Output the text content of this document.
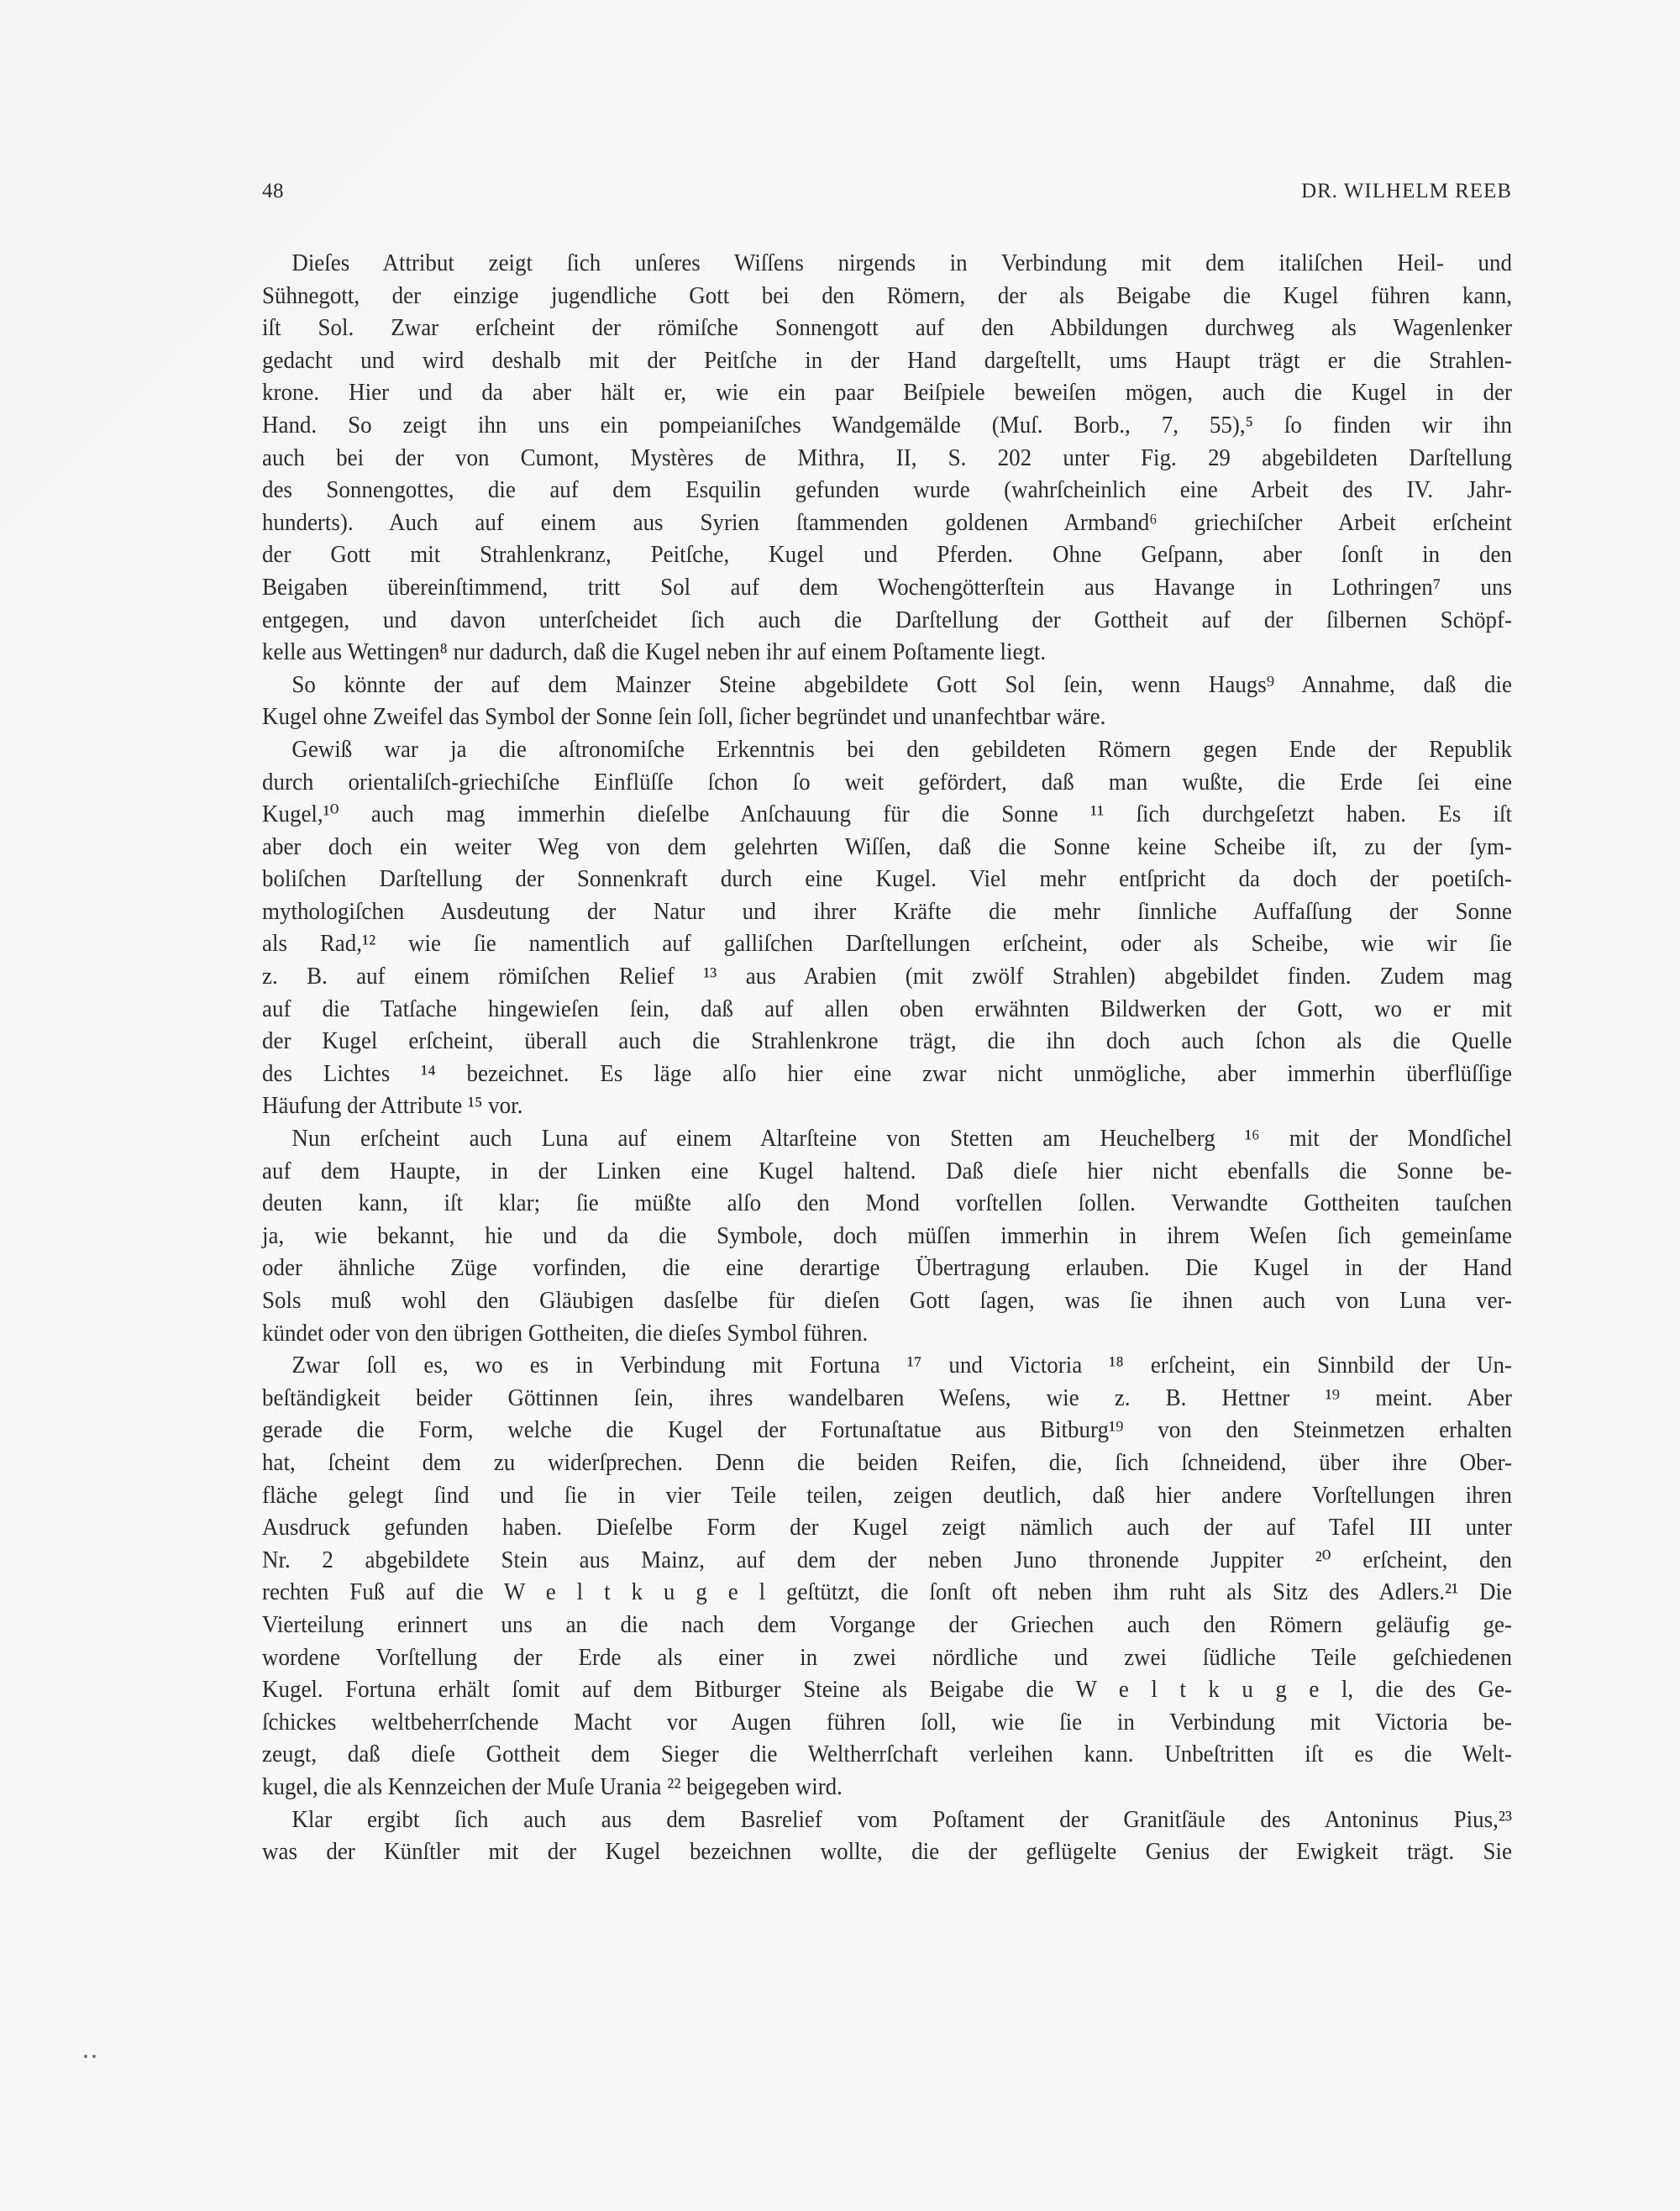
48	DR. WILHELM REEB
Dieſes Attribut zeigt ſich unſeres Wiſſens nirgends in Verbindung mit dem italiſchen Heil- und
Sühnegott, der einzige jugendliche Gott bei den Römern, der als Beigabe die Kugel führen kann,
iſt Sol. Zwar erſcheint der römiſche Sonnengott auf den Abbildungen durchweg als Wagenlenker
gedacht und wird deshalb mit der Peitſche in der Hand dargeſtellt, ums Haupt trägt er die Strahlen-
krone. Hier und da aber hält er, wie ein paar Beiſpiele beweiſen mögen, auch die Kugel in der
Hand. So zeigt ihn uns ein pompeianiſches Wandgemälde (Muſ. Borb., 7, 55),⁵ ſo finden wir ihn
auch bei der von Cumont, Mystères de Mithra, II, S. 202 unter Fig. 29 abgebildeten Darſtellung
des Sonnengottes, die auf dem Esquilin gefunden wurde (wahrſcheinlich eine Arbeit des IV. Jahr-
hunderts). Auch auf einem aus Syrien ſtammenden goldenen Armband⁶ griechiſcher Arbeit erſcheint
der Gott mit Strahlenkranz, Peitſche, Kugel und Pferden. Ohne Geſpann, aber ſonſt in den
Beigaben übereinſtimmend, tritt Sol auf dem Wochengötterſtein aus Havange in Lothringen⁷ uns
entgegen, und davon unterſcheidet ſich auch die Darſtellung der Gottheit auf der ſilbernen Schöpf-
kelle aus Wettingen⁸ nur dadurch, daß die Kugel neben ihr auf einem Poſtamente liegt.
So könnte der auf dem Mainzer Steine abgebildete Gott Sol ſein, wenn Haugs⁹ Annahme, daß die
Kugel ohne Zweifel das Symbol der Sonne ſein ſoll, ſicher begründet und unanfechtbar wäre.
Gewiß war ja die aſtronomiſche Erkenntnis bei den gebildeten Römern gegen Ende der Republik
durch orientaliſch-griechiſche Einflüſſe ſchon ſo weit gefördert, daß man wußte, die Erde ſei eine
Kugel,¹⁰ auch mag immerhin dieſelbe Anſchauung für die Sonne ¹¹ ſich durchgeſetzt haben. Es iſt
aber doch ein weiter Weg von dem gelehrten Wiſſen, daß die Sonne keine Scheibe iſt, zu der ſym-
boliſchen Darſtellung der Sonnenkraft durch eine Kugel. Viel mehr entſpricht da doch der poetiſch-
mythologiſchen Ausdeutung der Natur und ihrer Kräfte die mehr ſinnliche Auffaſſung der Sonne
als Rad,¹² wie ſie namentlich auf galliſchen Darſtellungen erſcheint, oder als Scheibe, wie wir ſie
z. B. auf einem römiſchen Relief ¹³ aus Arabien (mit zwölf Strahlen) abgebildet finden. Zudem mag
auf die Tatſache hingewieſen ſein, daß auf allen oben erwähnten Bildwerken der Gott, wo er mit
der Kugel erſcheint, überall auch die Strahlenkrone trägt, die ihn doch auch ſchon als die Quelle
des Lichtes ¹⁴ bezeichnet. Es läge alſo hier eine zwar nicht unmögliche, aber immerhin überflüſſige
Häufung der Attribute ¹⁵ vor.
Nun erſcheint auch Luna auf einem Altarſteine von Stetten am Heuchelberg ¹⁶ mit der Mondſichel
auf dem Haupte, in der Linken eine Kugel haltend. Daß dieſe hier nicht ebenfalls die Sonne be-
deuten kann, iſt klar; ſie müßte alſo den Mond vorſtellen ſollen. Verwandte Gottheiten tauſchen
ja, wie bekannt, hie und da die Symbole, doch müſſen immerhin in ihrem Weſen ſich gemeinſame
oder ähnliche Züge vorfinden, die eine derartige Übertragung erlauben. Die Kugel in der Hand
Sols muß wohl den Gläubigen dasſelbe für dieſen Gott ſagen, was ſie ihnen auch von Luna ver-
kündet oder von den übrigen Gottheiten, die dieſes Symbol führen.
Zwar ſoll es, wo es in Verbindung mit Fortuna ¹⁷ und Victoria ¹⁸ erſcheint, ein Sinnbild der Un-
beſtändigkeit beider Göttinnen ſein, ihres wandelbaren Weſens, wie z. B. Hettner ¹⁹ meint. Aber
gerade die Form, welche die Kugel der Fortunaſtatue aus Bitburg¹⁹ von den Steinmetzen erhalten
hat, ſcheint dem zu widerſprechen. Denn die beiden Reifen, die, ſich ſchneidend, über ihre Ober-
fläche gelegt ſind und ſie in vier Teile teilen, zeigen deutlich, daß hier andere Vorſtellungen ihren
Ausdruck gefunden haben. Dieſelbe Form der Kugel zeigt nämlich auch der auf Tafel III unter
Nr. 2 abgebildete Stein aus Mainz, auf dem der neben Juno thronende Juppiter ²⁰ erſcheint, den
rechten Fuß auf die W e l t k u g e l geſtützt, die ſonſt oft neben ihm ruht als Sitz des Adlers.²¹ Die
Vierteilung erinnert uns an die nach dem Vorgange der Griechen auch den Römern geläufig ge-
wordene Vorſtellung der Erde als einer in zwei nördliche und zwei ſüdliche Teile geſchiedenen
Kugel. Fortuna erhält ſomit auf dem Bitburger Steine als Beigabe die W e l t k u g e l, die des Ge-
ſchickes weltbeherrſchende Macht vor Augen führen ſoll, wie ſie in Verbindung mit Victoria be-
zeugt, daß dieſe Gottheit dem Sieger die Weltherrſchaft verleihen kann. Unbeſtritten iſt es die Welt-
kugel, die als Kennzeichen der Muſe Urania ²² beigegeben wird.
Klar ergibt ſich auch aus dem Basrelief vom Poſtament der Granitſäule des Antoninus Pius,²³
was der Künſtler mit der Kugel bezeichnen wollte, die der geflügelte Genius der Ewigkeit trägt. Sie
